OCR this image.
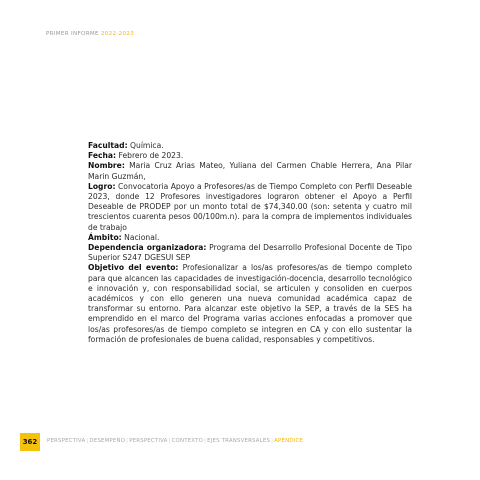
PRIMER INFORME 2022-2023

Facultad: Química.

Fecha: Febrero de 2023.

Nombre: Maria Cruz Arias Mateo, Yuliana del Carmen Chable Herrera, Ana Pilar Marin Guzmán,

Logro: Convocatoria Apoyo a Profesores/as de Tiempo Completo con Perfil Deseable 2023, donde 12 Profesores investigadores lograron obtener el Apoyo a Perfil Deseable de PRODEP por un monto total de $74,340.00 (son: setenta y cuatro mil trescientos cuarenta pesos 00/100m.n). para la compra de implementos individuales de trabajo

Ámbito: Nacional.

Dependencia organizadora: Programa del Desarrollo Profesional Docente de Tipo Superior S247 DGESUI SEP

Objetivo del evento: Profesionalizar a los/as profesores/as de tiempo completo para que alcancen las capacidades de investigación-docencia, desarrollo tecnológico e innovación y, con responsabilidad social, se articulen y consoliden en cuerpos académicos y con ello generen una nueva comunidad académica capaz de transformar su entorno. Para alcanzar este objetivo la SEP, a través de la SES ha emprendido en el marco del Programa varias acciones enfocadas a promover que los/as profesores/as de tiempo completo se integren en CA y con ello sustentar la formación de profesionales de buena calidad, responsables y competitivos.

362	PERSPECTIVA|DESEMPEÑO|PERSPECTIVA|CONTEXTO|EJES TRANSVERSALES|APÉNDICE
